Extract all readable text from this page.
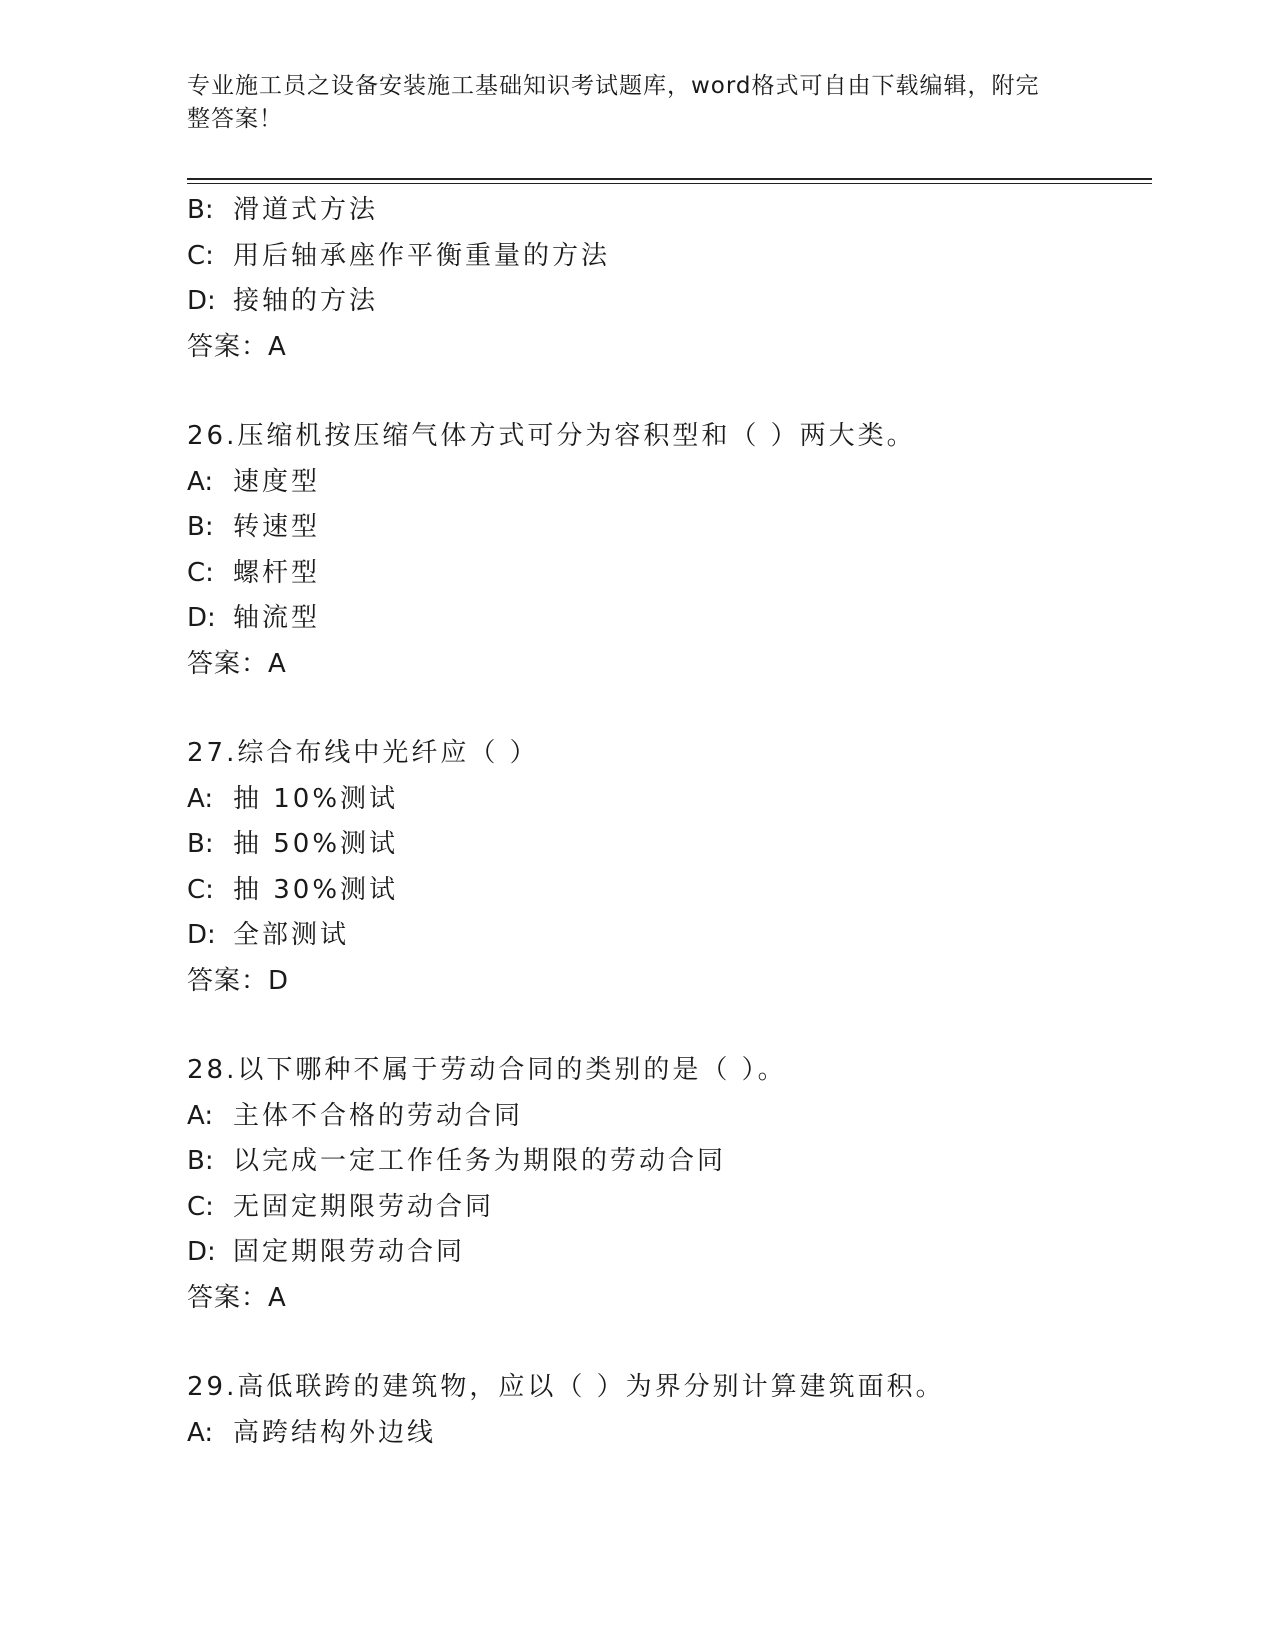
专业施工员之设备安装施工基础知识考试题库，word格式可自由下载编辑，附完
整答案！
B: 滑道式方法
C: 用后轴承座作平衡重量的方法
D: 接轴的方法
答案：A
26.压缩机按压缩气体方式可分为容积型和（ ）两大类。
A: 速度型
B: 转速型
C: 螺杆型
D: 轴流型
答案：A
27.综合布线中光纤应（ ）
A: 抽 10%测试
B: 抽 50%测试
C: 抽 30%测试
D: 全部测试
答案：D
28.以下哪种不属于劳动合同的类别的是（ ）。
A: 主体不合格的劳动合同
B: 以完成一定工作任务为期限的劳动合同
C: 无固定期限劳动合同
D: 固定期限劳动合同
答案：A
29.高低联跨的建筑物，应以（ ）为界分别计算建筑面积。
A: 高跨结构外边线
